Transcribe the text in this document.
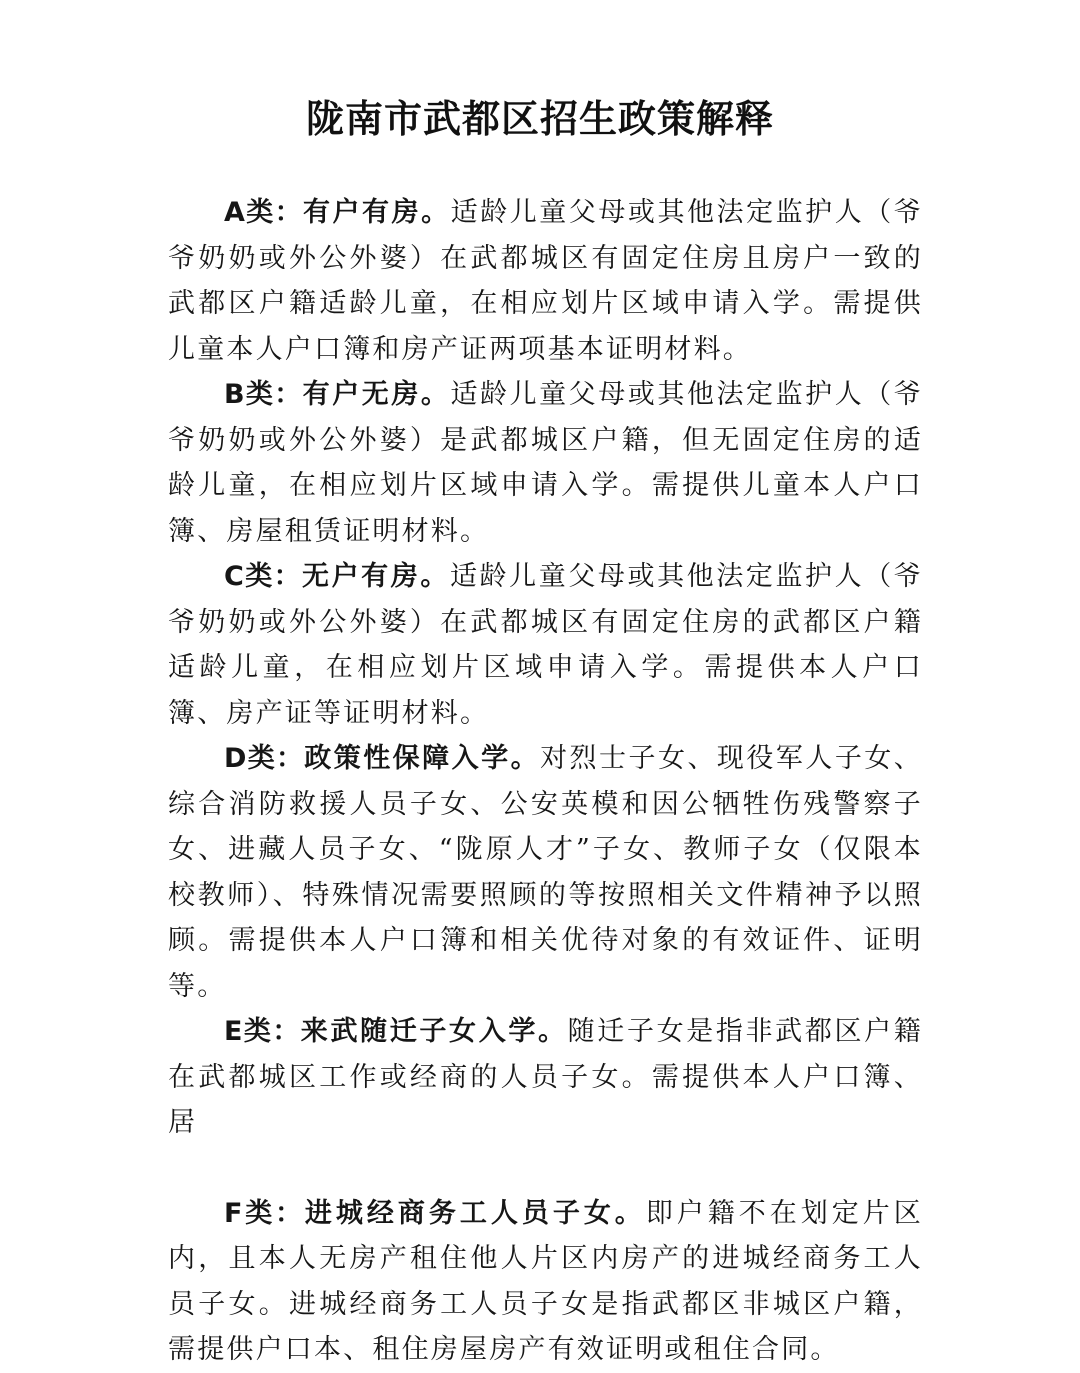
陇南市武都区招生政策解释

A类：有户有房。适龄儿童父母或其他法定监护人（爷爷奶奶或外公外婆）在武都城区有固定住房且房户一致的武都区户籍适龄儿童，在相应划片区域申请入学。需提供儿童本人户口簿和房产证两项基本证明材料。

B类：有户无房。适龄儿童父母或其他法定监护人（爷爷奶奶或外公外婆）是武都城区户籍，但无固定住房的适龄儿童，在相应划片区域申请入学。需提供儿童本人户口簿、房屋租赁证明材料。

C类：无户有房。适龄儿童父母或其他法定监护人（爷爷奶奶或外公外婆）在武都城区有固定住房的武都区户籍适龄儿童，在相应划片区域申请入学。需提供本人户口簿、房产证等证明材料。

D类：政策性保障入学。对烈士子女、现役军人子女、综合消防救援人员子女、公安英模和因公牺牲伤残警察子女、进藏人员子女、“陇原人才”子女、教师子女（仅限本校教师）、特殊情况需要照顾的等按照相关文件精神予以照顾。需提供本人户口簿和相关优待对象的有效证件、证明等。

E类：来武随迁子女入学。随迁子女是指非武都区户籍在武都城区工作或经商的人员子女。需提供本人户口簿、居

F类：进城经商务工人员子女。即户籍不在划定片区内，且本人无房产租住他人片区内房产的进城经商务工人员子女。进城经商务工人员子女是指武都区非城区户籍，需提供户口本、租住房屋房产有效证明或租住合同。
